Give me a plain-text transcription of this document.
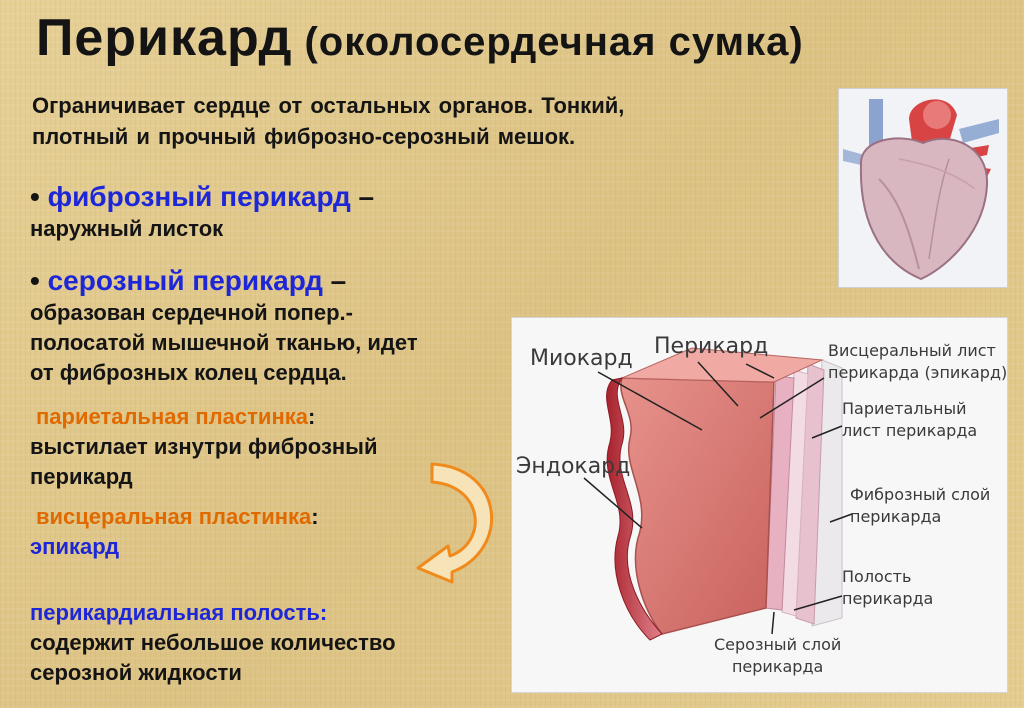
Перикард (околосердечная сумка)
Ограничивает сердце от остальных органов. Тонкий,
плотный и прочный фиброзно-серозный мешок.
• фиброзный перикард –
наружный листок
• серозный перикард –
образован сердечной попер.-
полосатой мышечной тканью, идет
от фиброзных колец сердца.
париетальная пластинка:
выстилает изнутри фиброзный
перикард
висцеральная пластинка:
эпикард
перикардиальная полость:
содержит небольшое количество
серозной жидкости
Миокард Перикард
Эндокард
Висцеральный лист
перикарда (эпикард)
Париетальный
лист перикарда
Фиброзный слой
перикарда
Полость
перикарда
Серозный слой
перикарда
